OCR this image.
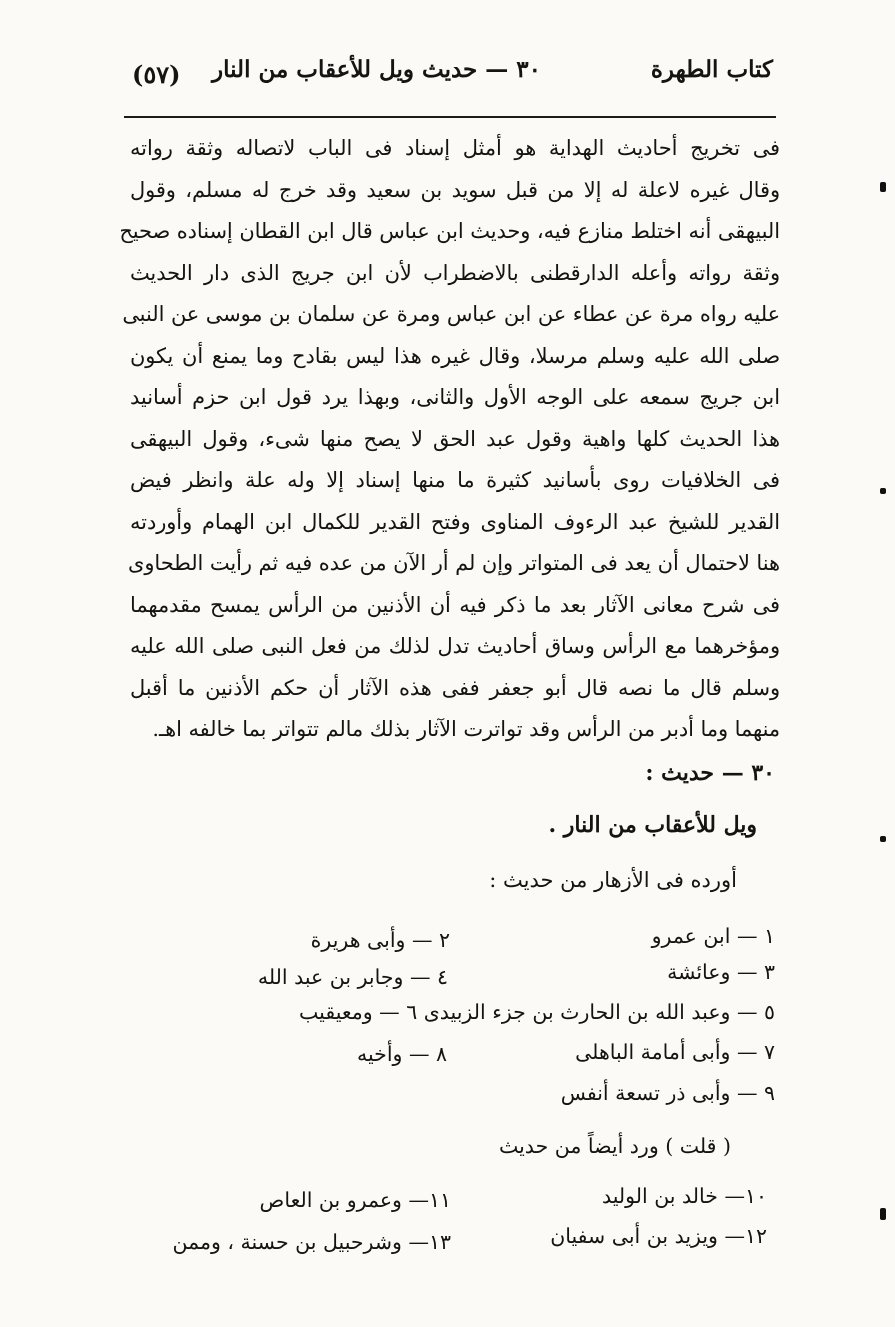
كتاب الطهرة
٣٠ — حديث ويل للأعقاب من النار
(٥٧)
فى تخريج أحاديث الهداية هو أمثل إسناد فى الباب لاتصاله وثقة رواته
وقال غيره لاعلة له إلا من قبل سويد بن سعيد وقد خرج له مسلم، وقول
البيهقى أنه اختلط منازع فيه، وحديث ابن عباس قال ابن القطان إسناده صحيح
وثقة رواته وأعله الدارقطنى بالاضطراب لأن ابن جريج الذى دار الحديث
عليه رواه مرة عن عطاء عن ابن عباس ومرة عن سلمان بن موسى عن النبى
صلى الله عليه وسلم مرسلا، وقال غيره هذا ليس بقادح وما يمنع أن يكون
ابن جريج سمعه على الوجه الأول والثانى، وبهذا يرد قول ابن حزم أسانيد
هذا الحديث كلها واهية وقول عبد الحق لا يصح منها شىء، وقول البيهقى
فى الخلافيات روى بأسانيد كثيرة ما منها إسناد إلا وله علة وانظر فيض
القدير للشيخ عبد الرءوف المناوى وفتح القدير للكمال ابن الهمام وأوردته
هنا لاحتمال أن يعد فى المتواتر وإن لم أر الآن من عده فيه ثم رأيت الطحاوى
فى شرح معانى الآثار بعد ما ذكر فيه أن الأذنين من الرأس يمسح مقدمهما
ومؤخرهما مع الرأس وساق أحاديث تدل لذلك من فعل النبى صلى الله عليه
وسلم قال ما نصه قال أبو جعفر ففى هذه الآثار أن حكم الأذنين ما أقبل
منهما وما أدبر من الرأس وقد تواترت الآثار بذلك مالم تتواتر بما خالفه اهـ.
٣٠ — حديث :
ويل للأعقاب من النار .
أورده فى الأزهار من حديث :
١ — ابن عمرو
٢ — وأبى هريرة
٣ — وعائشة
٤ — وجابر بن عبد الله
٥ — وعبد الله بن الحارث بن جزء الزبيدى ٦ — ومعيقيب
٧ — وأبى أمامة الباهلى
٨ — وأخيه
٩ — وأبى ذر تسعة أنفس
( قلت ) ورد أيضاً من حديث
١٠— خالد بن الوليد
١١— وعمرو بن العاص
١٢— ويزيد بن أبى سفيان
١٣— وشرحبيل بن حسنة ، وممن
